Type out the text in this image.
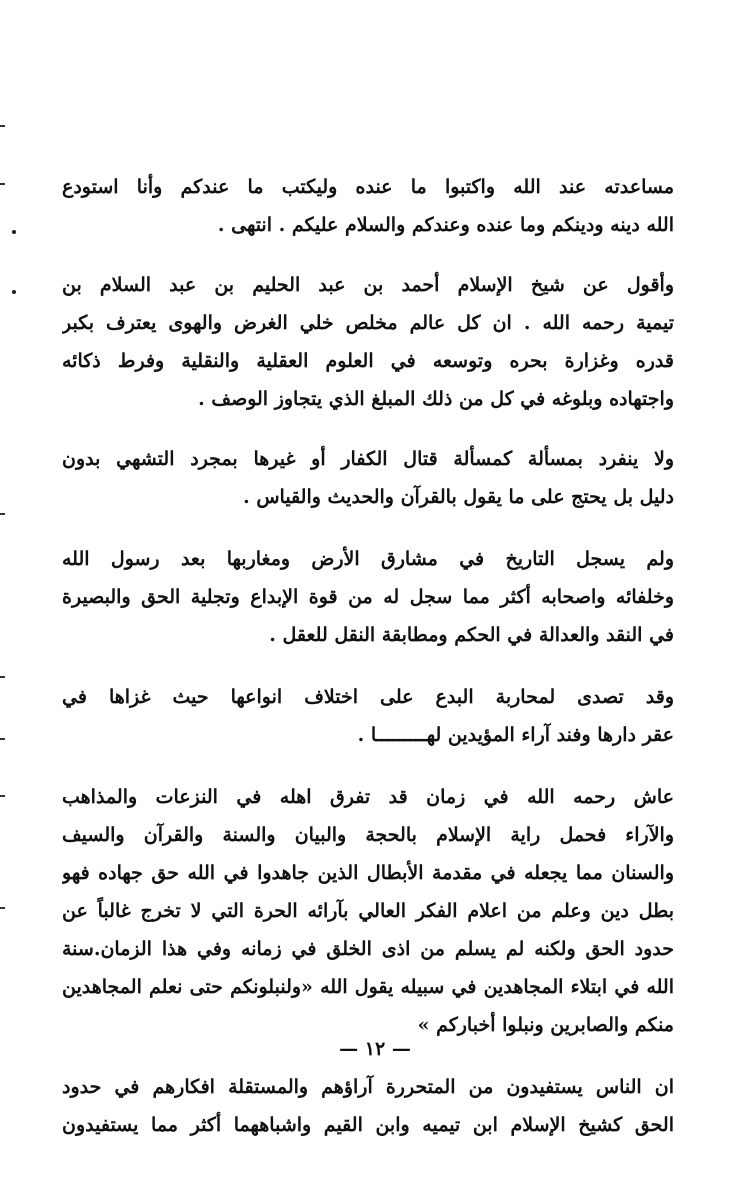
مساعدته عند الله واكتبوا ما عنده وليكتب ما عندكم وأنا استودع
الله دينه ودينكم وما عنده وعندكم والسلام عليكم . انتهى .
وأقول عن شيخ الإسلام أحمد بن عبد الحليم بن عبد السلام بن
تيمية رحمه الله . ان كل عالم مخلص خلي الغرض والهوى يعترف بكبر
قدره وغزارة بحره وتوسعه في العلوم العقلية والنقلية وفرط ذكائه
واجتهاده وبلوغه في كل من ذلك المبلغ الذي يتجاوز الوصف .
ولا ينفرد بمسألة كمسألة قتال الكفار أو غيرها بمجرد التشهي بدون
دليل بل يحتج على ما يقول بالقرآن والحديث والقياس .
ولم يسجل التاريخ في مشارق الأرض ومغاربها بعد رسول الله
وخلفائه واصحابه أكثر مما سجل له من قوة الإبداع وتجلية الحق والبصيرة
في النقد والعدالة في الحكم ومطابقة النقل للعقل .
وقد تصدى لمحاربة البدع على اختلاف انواعها حيث غزاها في
عقر دارها وفند آراء المؤيدين لهـــــــــا .
عاش رحمه الله في زمان قد تفرق اهله في النزعات والمذاهب
والآراء فحمل راية الإسلام بالحجة والبيان والسنة والقرآن والسيف
والسنان مما يجعله في مقدمة الأبطال الذين جاهدوا في الله حق جهاده فهو
بطل دين وعلم من اعلام الفكر العالي بآرائه الحرة التي لا تخرج غالباً عن
حدود الحق ولكنه لم يسلم من اذى الخلق في زمانه وفي هذا الزمان.سنة
الله في ابتلاء المجاهدين في سبيله يقول الله «ولنبلونكم حتى نعلم المجاهدين
منكم والصابرين ونبلوا أخباركم »
ان الناس يستفيدون من المتحررة آراؤهم والمستقلة افكارهم في حدود
الحق كشيخ الإسلام ابن تيميه وابن القيم واشباههما أكثر مما يستفيدون
— ١٢ —
